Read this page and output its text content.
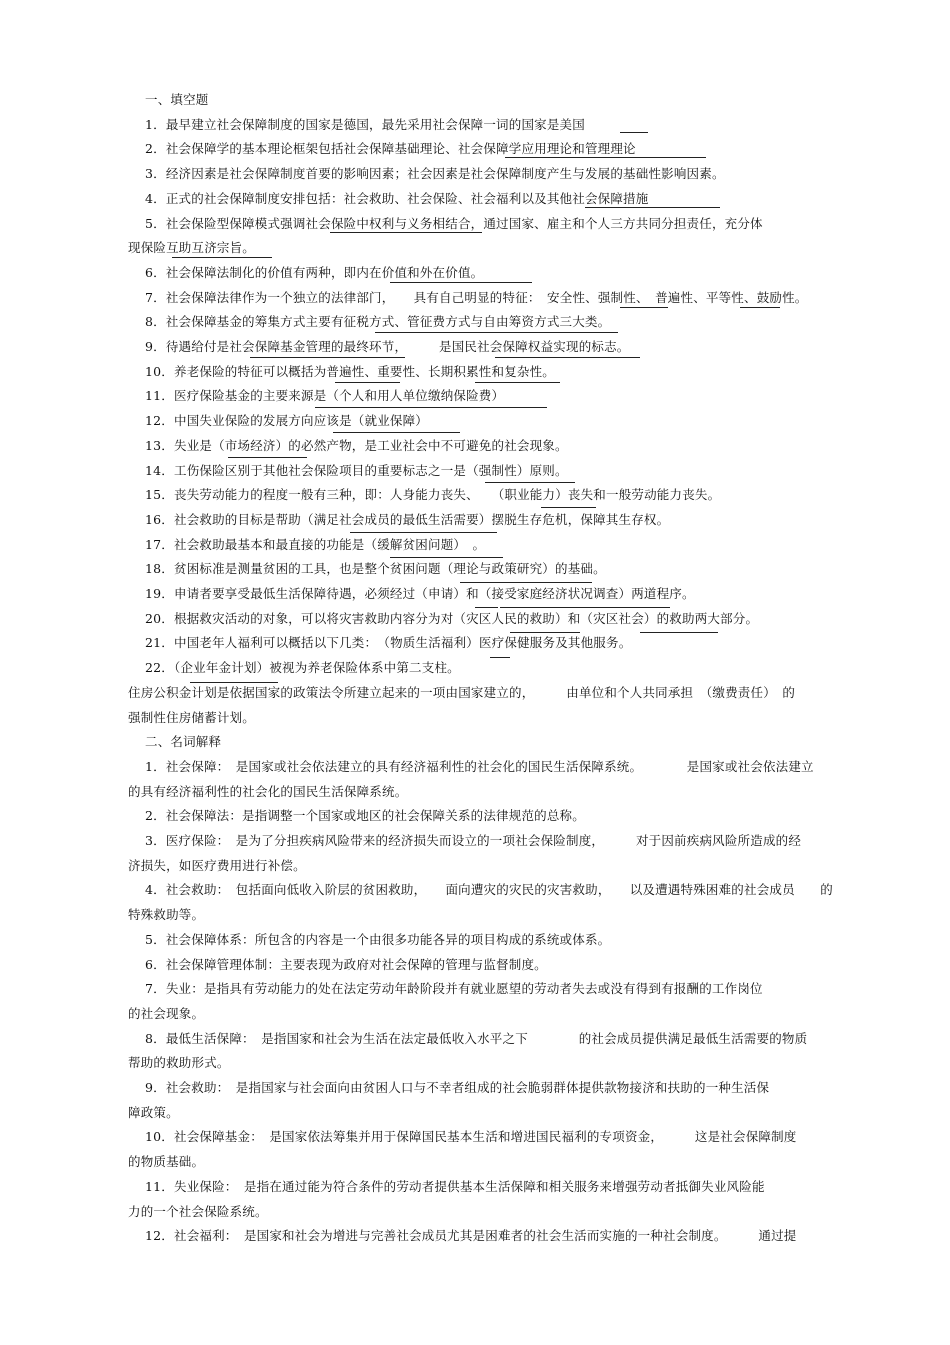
一、填空题
1．最早建立社会保障制度的国家是德国，最先采用社会保障一词的国家是美国
2．社会保障学的基本理论框架包括社会保障基础理论、社会保障学应用理论和管理理论
3．经济因素是社会保障制度首要的影响因素；社会因素是社会保障制度产生与发展的基础性影响因素。
4．正式的社会保障制度安排包括：社会救助、社会保险、社会福利以及其他社会保障措施
5．社会保险型保障模式强调社会保险中权利与义务相结合，通过国家、雇主和个人三方共同分担责任，充分体
现保险互助互济宗旨。
6．社会保障法制化的价值有两种，即内在价值和外在价值。
7．社会保障法律作为一个独立的法律部门，　　具有自己明显的特征：　安全性、强制性、　普遍性、平等性、鼓励性。
8．社会保障基金的筹集方式主要有征税方式、管征费方式与自由筹资方式三大类。
9．待遇给付是社会保障基金管理的最终环节，　　　是国民社会保障权益实现的标志。
10．养老保险的特征可以概括为普遍性、重要性、长期积累性和复杂性。
11．医疗保险基金的主要来源是（个人和用人单位缴纳保险费）
12．中国失业保险的发展方向应该是（就业保障）
13．失业是（市场经济）的必然产物，是工业社会中不可避免的社会现象。
14．工伤保险区别于其他社会保险项目的重要标志之一是（强制性）原则。
15．丧失劳动能力的程度一般有三种，即：人身能力丧失、　　（职业能力）丧失和一般劳动能力丧失。
16．社会救助的目标是帮助（满足社会成员的最低生活需要）摆脱生存危机，保障其生存权。
17．社会救助最基本和最直接的功能是（缓解贫困问题）　。
18．贫困标准是测量贫困的工具，也是整个贫困问题（理论与政策研究）的基础。
19．申请者要享受最低生活保障待遇，必须经过（申请）和（接受家庭经济状况调查）两道程序。
20．根据救灾活动的对象，可以将灾害救助内容分为对（灾区人民的救助）和（灾区社会）的救助两大部分。
21．中国老年人福利可以概括以下几类：　（物质生活福利）医疗保健服务及其他服务。
22．（企业年金计划）被视为养老保险体系中第二支柱。
住房公积金计划是依据国家的政策法令所建立起来的一项由国家建立的，　　　由单位和个人共同承担　（缴费责任）　的
强制性住房储蓄计划。
二、名词解释
1．社会保障：　是国家或社会依法建立的具有经济福利性的社会化的国民生活保障系统。　　　　是国家或社会依法建立
的具有经济福利性的社会化的国民生活保障系统。
2．社会保障法：是指调整一个国家或地区的社会保障关系的法律规范的总称。
3．医疗保险：　是为了分担疾病风险带来的经济损失而设立的一项社会保险制度，　　　对于因前疾病风险所造成的经
济损失，如医疗费用进行补偿。
4．社会救助：　包括面向低收入阶层的贫困救助，　　面向遭灾的灾民的灾害救助，　　以及遭遇特殊困难的社会成员　　的
特殊救助等。
5．社会保障体系：所包含的内容是一个由很多功能各异的项目构成的系统或体系。
6．社会保障管理体制：主要表现为政府对社会保障的管理与监督制度。
7．失业：是指具有劳动能力的处在法定劳动年龄阶段并有就业愿望的劳动者失去或没有得到有报酬的工作岗位
的社会现象。
8．最低生活保障：　是指国家和社会为生活在法定最低收入水平之下　　　　的社会成员提供满足最低生活需要的物质
帮助的救助形式。
9．社会救助：　是指国家与社会面向由贫困人口与不幸者组成的社会脆弱群体提供款物接济和扶助的一种生活保
障政策。
10．社会保障基金：　是国家依法筹集并用于保障国民基本生活和增进国民福利的专项资金，　　　这是社会保障制度
的物质基础。
11．失业保险：　是指在通过能为符合条件的劳动者提供基本生活保障和相关服务来增强劳动者抵御失业风险能
力的一个社会保险系统。
12．社会福利：　是国家和社会为增进与完善社会成员尤其是困难者的社会生活而实施的一种社会制度。　　　通过提
